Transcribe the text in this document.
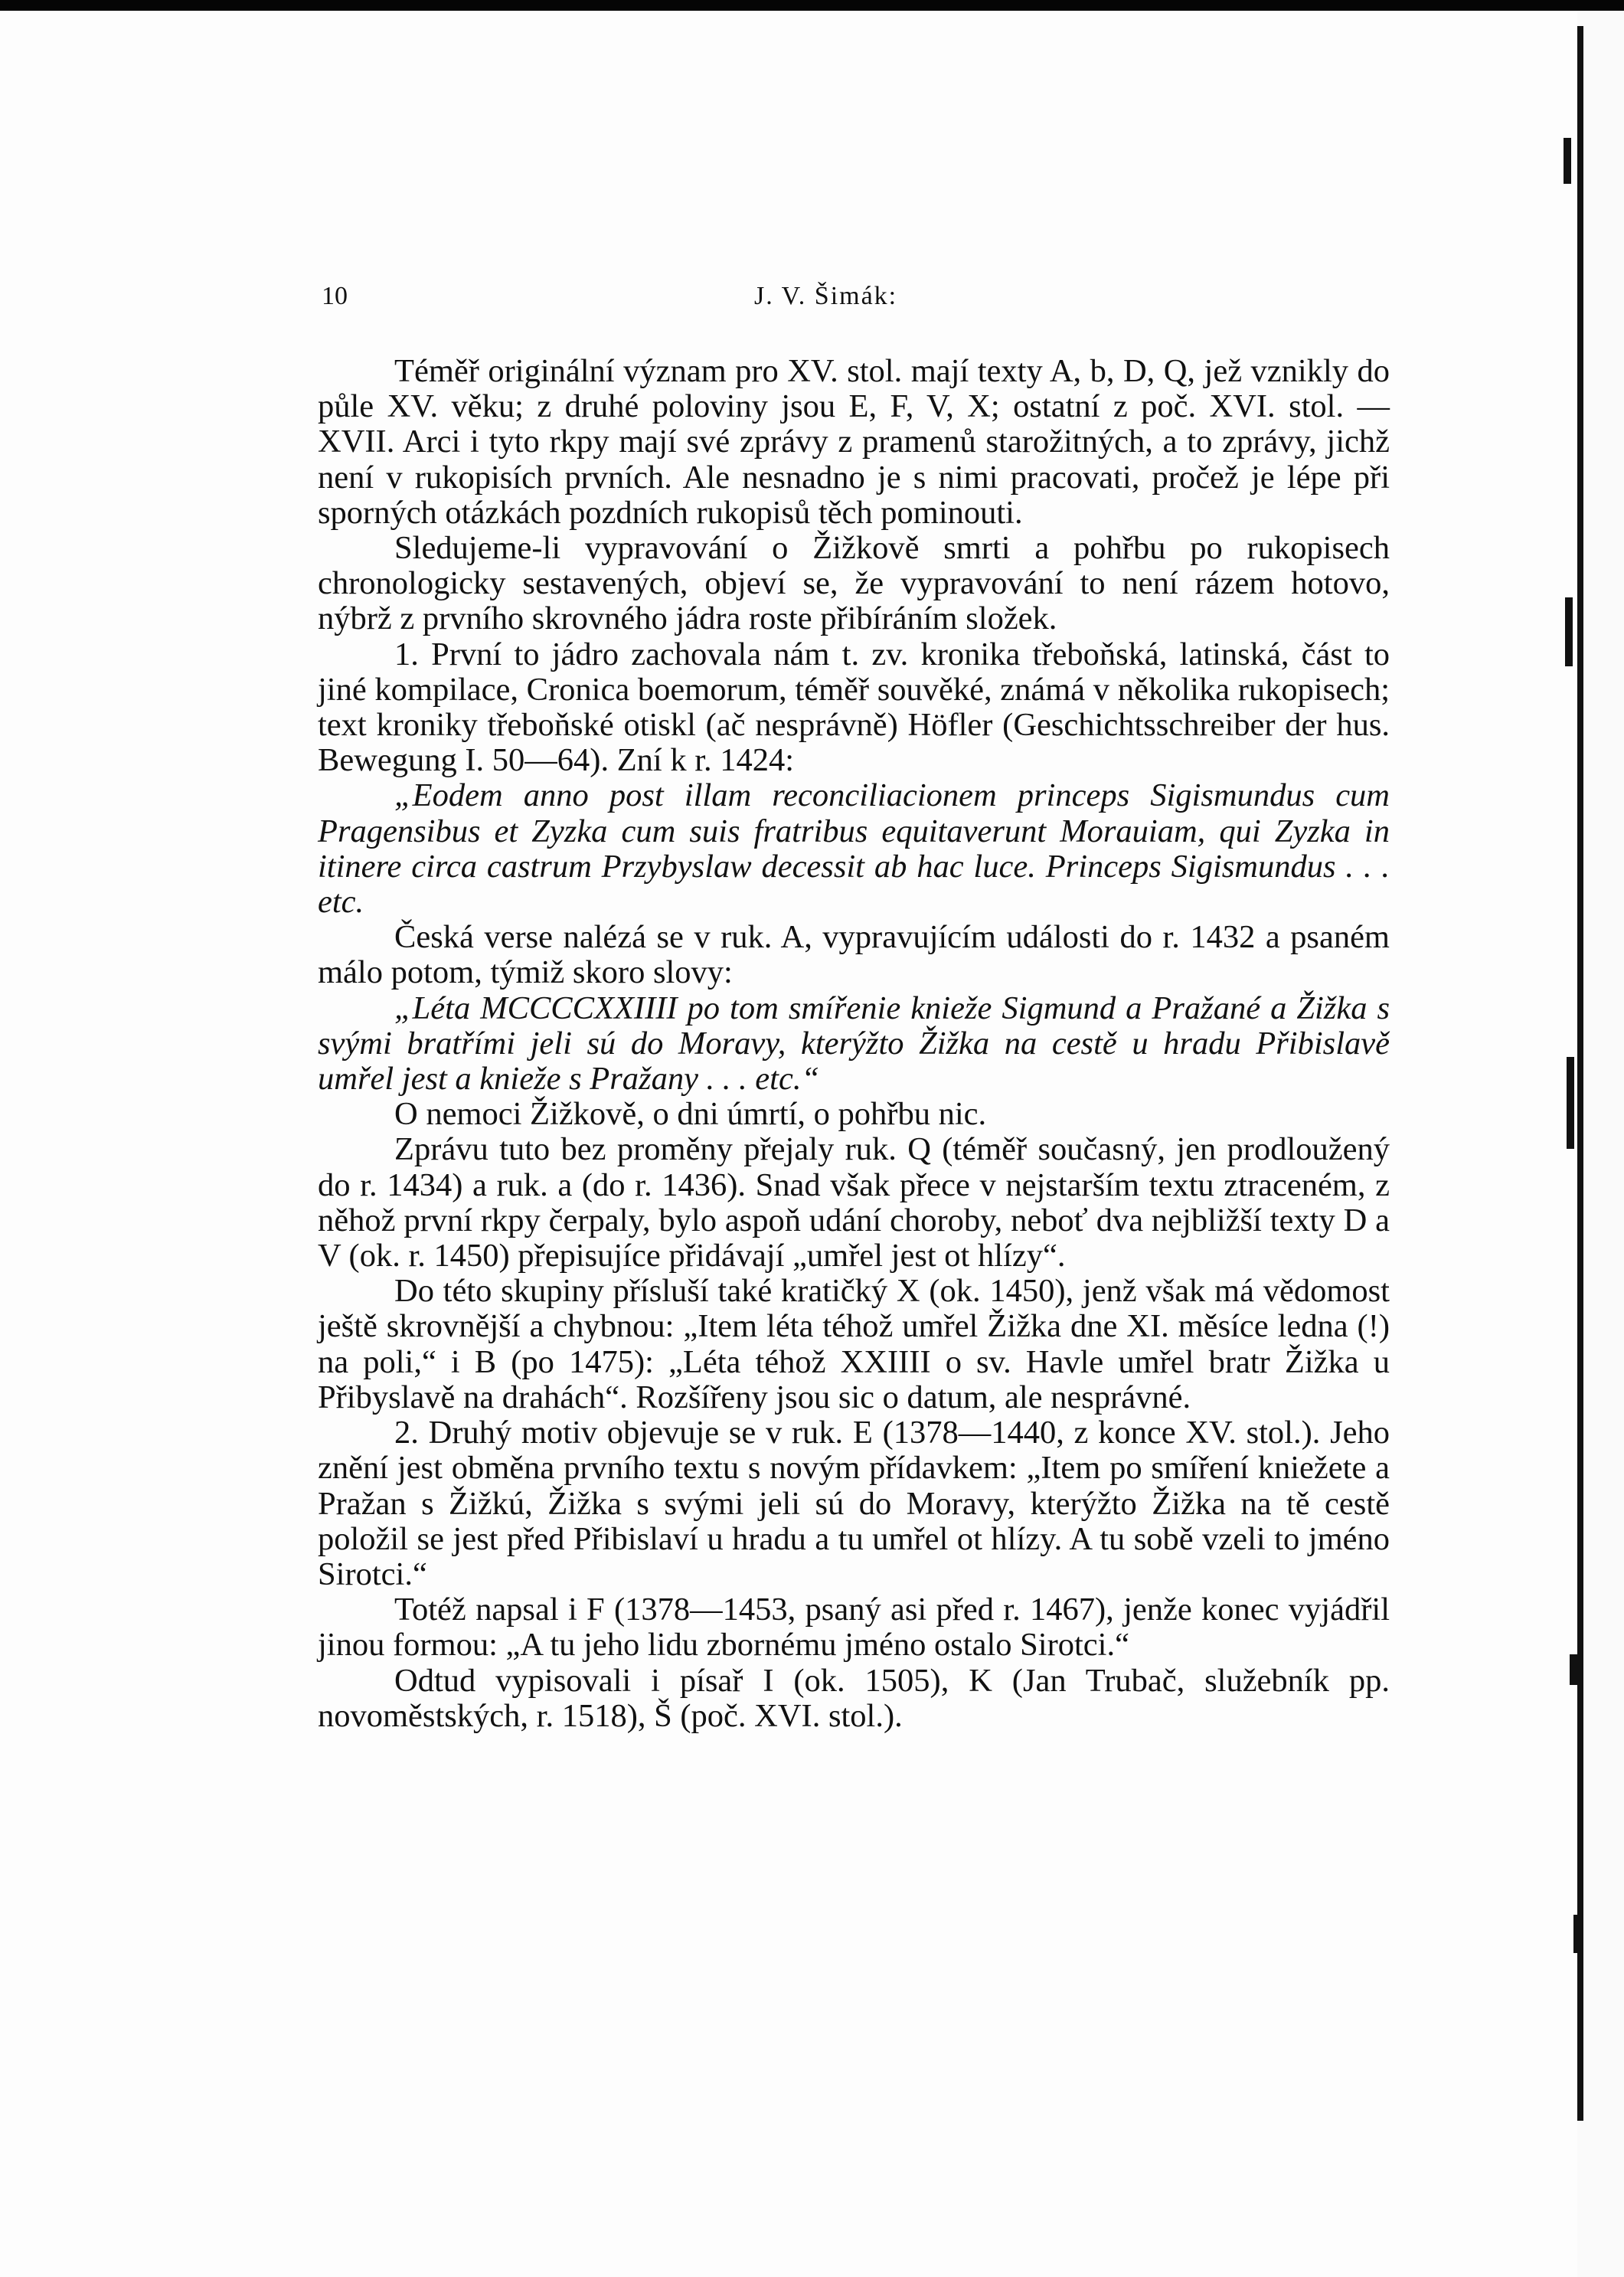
10	J. V. Šimák:

Téměř originální význam pro XV. stol. mají texty A, b, D, Q, jež vznikly do půle XV. věku; z druhé poloviny jsou E, F, V, X; ostatní z poč. XVI. stol. — XVII. Arci i tyto rkpy mají své zprávy z pramenů starožitných, a to zprávy, jichž není v rukopisích prvních. Ale nesnadno je s nimi pracovati, pročež je lépe při sporných otázkách pozdních rukopisů těch pominouti.

Sledujeme-li vypravování o Žižkově smrti a pohřbu po rukopisech chronologicky sestavených, objeví se, že vypravování to není rázem hotovo, nýbrž z prvního skrovného jádra roste přibíráním složek.

1. První to jádro zachovala nám t. zv. kronika třeboňská, latinská, část to jiné kompilace, Cronica boemorum, téměř souvěké, známá v několika rukopisech; text kroniky třeboňské otiskl (ač nesprávně) Höfler (Geschichtsschreiber der hus. Bewegung I. 50—64). Zní k r. 1424:

„Eodem anno post illam reconciliacionem princeps Sigismundus cum Pragensibus et Zyzka cum suis fratribus equitaverunt Morauiam, qui Zyzka in itinere circa castrum Przybyslaw decessit ab hac luce. Princeps Sigismundus . . . etc.

Česká verse nalézá se v ruk. A, vypravujícím události do r. 1432 a psaném málo potom, týmiž skoro slovy:

„Léta MCCCCXXIIII po tom smířenie knieže Sigmund a Pražané a Žižka s svými bratřími jeli sú do Moravy, kterýžto Žižka na cestě u hradu Přibislavě umřel jest a knieže s Pražany . . . etc.“

O nemoci Žižkově, o dni úmrtí, o pohřbu nic.

Zprávu tuto bez proměny přejaly ruk. Q (téměř současný, jen prodloužený do r. 1434) a ruk. a (do r. 1436). Snad však přece v nejstarším textu ztraceném, z něhož první rkpy čerpaly, bylo aspoň udání choroby, neboť dva nejbližší texty D a V (ok. r. 1450) přepisujíce přidávají „umřel jest ot hlízy“.

Do této skupiny přísluší také kratičký X (ok. 1450), jenž však má vědomost ještě skrovnější a chybnou: „Item léta téhož umřel Žižka dne XI. měsíce ledna (!) na poli,“ i B (po 1475): „Léta téhož XXIIII o sv. Havle umřel bratr Žižka u Přibyslavě na drahách“. Rozšířeny jsou sic o datum, ale nesprávné.

2. Druhý motiv objevuje se v ruk. E (1378—1440, z konce XV. stol.). Jeho znění jest obměna prvního textu s novým přídavkem: „Item po smíření kniežete a Pražan s Žižkú, Žižka s svými jeli sú do Moravy, kterýžto Žižka na tě cestě položil se jest před Přibislaví u hradu a tu umřel ot hlízy. A tu sobě vzeli to jméno Sirotci.“

Totéž napsal i F (1378—1453, psaný asi před r. 1467), jenže konec vyjádřil jinou formou: „A tu jeho lidu zbornému jméno ostalo Sirotci.“

Odtud vypisovali i písař I (ok. 1505), K (Jan Trubač, služebník pp. novoměstských, r. 1518), Š (poč. XVI. stol.).
